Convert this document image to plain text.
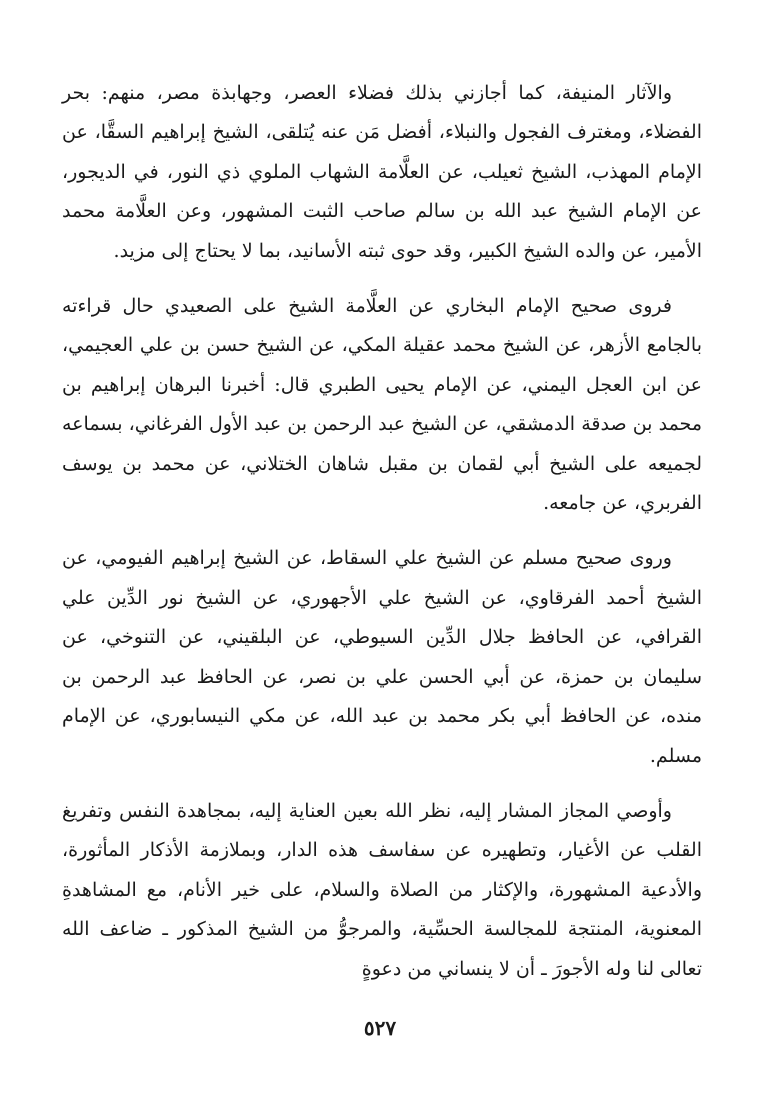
والآثار المنيفة، كما أجازني بذلك فضلاء العصر، وجهابذة مصر، منهم: بحر الفضلاء، ومغترف الفجول والنبلاء، أفضل مَن عنه يُتلقى، الشيخ إبراهيم السقَّا، عن الإمام المهذب، الشيخ ثعيلب، عن العلَّامة الشهاب الملوي ذي النور، في الديجور، عن الإمام الشيخ عبد الله بن سالم صاحب الثبت المشهور، وعن العلَّامة محمد الأمير، عن والده الشيخ الكبير، وقد حوى ثبته الأسانيد، بما لا يحتاج إلى مزيد.

فروى صحيح الإمام البخاري عن العلَّامة الشيخ على الصعيدي حال قراءته بالجامع الأزهر، عن الشيخ محمد عقيلة المكي، عن الشيخ حسن بن علي العجيمي، عن ابن العجل اليمني، عن الإمام يحيى الطبري قال: أخبرنا البرهان إبراهيم بن محمد بن صدقة الدمشقي، عن الشيخ عبد الرحمن بن عبد الأول الفرغاني، بسماعه لجميعه على الشيخ أبي لقمان بن مقبل شاهان الختلاني، عن محمد بن يوسف الفربري، عن جامعه.

وروى صحيح مسلم عن الشيخ علي السقاط، عن الشيخ إبراهيم الفيومي، عن الشيخ أحمد الفرقاوي، عن الشيخ علي الأجهوري، عن الشيخ نور الدِّين علي القرافي، عن الحافظ جلال الدِّين السيوطي، عن البلقيني، عن التنوخي، عن سليمان بن حمزة، عن أبي الحسن علي بن نصر، عن الحافظ عبد الرحمن بن منده، عن الحافظ أبي بكر محمد بن عبد الله، عن مكي النيسابوري، عن الإمام مسلم.

وأوصي المجاز المشار إليه، نظر الله بعين العناية إليه، بمجاهدة النفس وتفريغ القلب عن الأغيار، وتطهيره عن سفاسف هذه الدار، وبملازمة الأذكار المأثورة، والأدعية المشهورة، والإكثار من الصلاة والسلام، على خير الأنام، مع المشاهدةِ المعنوية، المنتجة للمجالسة الحسِّية، والمرجوُّ من الشيخ المذكور ـ ضاعف الله تعالى لنا وله الأجورَ ـ أن لا ينساني من دعوةٍ

٥٢٧
